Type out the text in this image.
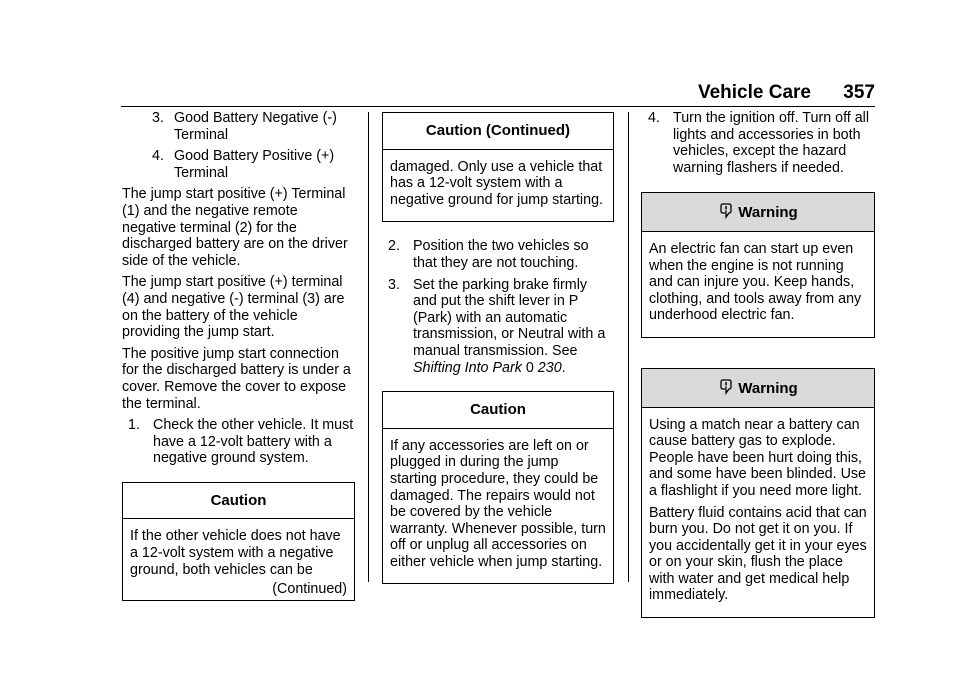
Vehicle Care 357
3. Good Battery Negative (-) Terminal
4. Good Battery Positive (+) Terminal

The jump start positive (+) Terminal (1) and the negative remote negative terminal (2) for the discharged battery are on the driver side of the vehicle.

The jump start positive (+) terminal (4) and negative (-) terminal (3) are on the battery of the vehicle providing the jump start.

The positive jump start connection for the discharged battery is under a cover. Remove the cover to expose the terminal.

1. Check the other vehicle. It must have a 12-volt battery with a negative ground system.
Caution

If the other vehicle does not have a 12-volt system with a negative ground, both vehicles can be

(Continued)
Caution (Continued)

damaged. Only use a vehicle that has a 12-volt system with a negative ground for jump starting.

2. Position the two vehicles so that they are not touching.
3. Set the parking brake firmly and put the shift lever in P (Park) with an automatic transmission, or Neutral with a manual transmission. See
Shifting Into Park 0 230.
Caution

If any accessories are left on or plugged in during the jump starting procedure, they could be damaged. The repairs would not be covered by the vehicle warranty. Whenever possible, turn off or unplug all accessories on either vehicle when jump starting.

4. Turn the ignition off. Turn off all lights and accessories in both vehicles, except the hazard warning flashers if needed.
Warning

An electric fan can start up even when the engine is not running and can injure you. Keep hands, clothing, and tools away from any underhood electric fan.

Warning

Using a match near a battery can cause battery gas to explode. People have been hurt doing this, and some have been blinded. Use a flashlight if you need more light.

Battery fluid contains acid that can burn you. Do not get it on you. If you accidentally get it in your eyes or on your skin, flush the place with water and get medical help immediately.
